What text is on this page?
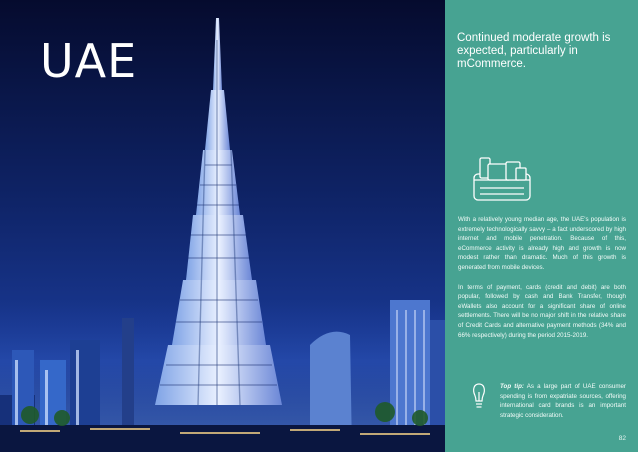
UAE	Continued moderate growth is expected, particularly in mCommerce.

With a relatively young median age, the UAE's population is extremely technologically savvy – a fact underscored by high internet and mobile penetration. Because of this, eCommerce activity is already high and growth is now modest rather than dramatic. Much of this growth is generated from mobile devices.

In terms of payment, cards (credit and debit) are both popular, followed by cash and Bank Transfer, though eWallets also account for a significant share of online settlements. There will be no major shift in the relative share of Credit Cards and alternative payment methods (34% and 66% respectively) during the period 2015-2019.

Top tip: As a large part of UAE consumer spending is from expatriate sources, offering international card brands is an important strategic consideration.
82
